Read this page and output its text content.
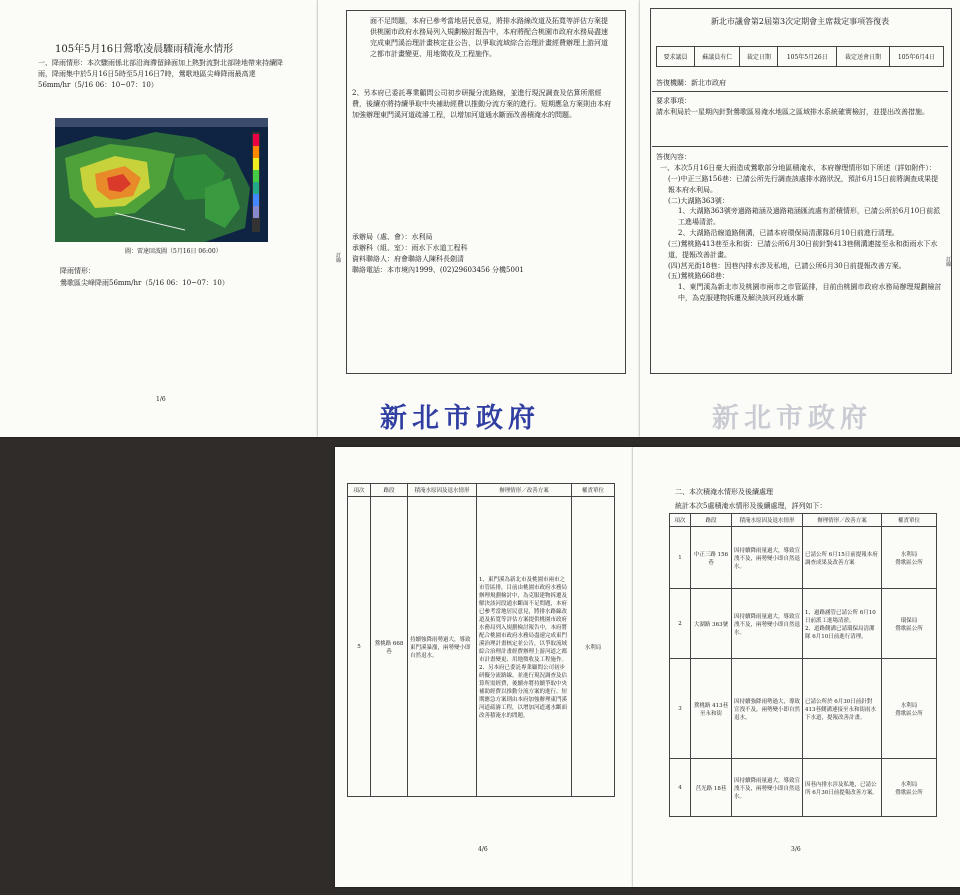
105年5月16日鶯歌凌晨驟雨積淹水情形
一、降雨情形：本次驟雨係北部沿海滯留鋒面加上熱對流對北部陸地帶來持續降雨，降雨集中於5月16日5時至5月16日7時，鶯歌地區尖峰降雨最高達56mm/hr（5/16 06：10~07：10）
圖：雷達回波圖（5月16日 06:00）
降雨情形：
鶯歌區尖峰降雨56mm/hr（5/16 06：10~07：10）
1/6
面不足問題，本府已參考當地居民意見，將排水路線改道及拓寬等評估方案提供桃園市政府水務局列入規劃檢討報告中，本府將配合桃園市政府水務局盡速完成東門溪治理計畫核定並公告，以爭取流域綜合治理計畫經費辦理上游河道之都市計畫變更、用地徵收及工程施作。
2、另本府已委託專業顧問公司初步研擬分流路線，並進行現況調查及估算所需經費，後續亦將持續爭取中央補助經費以推動分流方案的進行。短期應急方案則由本府加強辦理東門溪河道疏濬工程，以增加河道通水斷面改善積淹水的問題。
承辦局（處、會）：水利局
承辦科（組、室）：雨水下水道工程科
資料聯絡人：府會聯絡人陳科長劍清
聯絡電話：本市境內1999、(02)29603456 分機5001
訂線
新北市政府
新北市議會第2屆第3次定期會主席裁定事項答復表
要求議員	蘇議員有仁	裁定日期	105年5月26日	裁定送會日期	105年6月4日
答復機關：新北市政府
要求事項：
請水利局於一星期內針對鶯歌區易淹水地區之區域排水系統確實檢討，並提出改善措施。
答復內容：
一、本次5月16日豪大雨造成鶯歌部分地區積淹水，本府辦理情形如下所述（詳如附件）：
(一)中正三路156巷：已請公所先行調查該處排水路狀況，預計6月15日前將調查成果提報本府水利局。
(二)大湖路363號：
1、大湖路363號旁過路箱涵及過路箱涵匯流處有淤積情形，已請公所於6月10日前派工進場清淤。
2、大湖路沿線道路側溝，已請本府環保局清潔隊6月10日前進行清理。
(三)鶯桃路413巷至永和街：已請公所6月30日前針對413巷側溝連接至永和街雨水下水道，提報改善計畫。
(四)莒光街18巷：因巷內排水涉及私地，已請公所6月30日前提報改善方案。
(五)鶯桃路668巷：
1、東門溪為新北市及桃園市兩市之市管區排，目前由桃園市政府水務局辦理規劃檢討中，為克服建物拆遷及解決該河段通水斷
訂線
新北市政府
項次	路段	積淹水原因及退水情形	辦理情形／改善方案	權責單位
5	鶯桃路 668巷	持續強降雨勢過大，導致東門溪暴漲，兩勢變小即自然退水。	1、東門溪為新北市及桃園市兩市之市管區排，目前由桃園市政府水務局辦理規劃檢討中，為克服建物拆遷及解決該河段通水斷面不足問題，本府已參考當地居民意見，將排水路線改道及拓寬等評估方案提供桃園市政府水務局列入規劃檢討報告中，本府將配合桃園市政府水務局盡速完成東門溪治理計畫核定並公告，以爭取流域綜合治理計畫經費辦理上游河道之都市計畫變更、用地徵收及工程施作。
2、另本府已委託專業顧問公司初步研擬分流路線，並進行現況調查及估算所需經費，後續亦將持續爭取中央補助經費以推動分流方案的進行。短期應急方案則由本府加強辦理東門溪河道疏濬工程，以增加河道通水斷面改善積淹水的問題。	水利局
4/6
二、本次積淹水情形及後續處理
統計本次5處積淹水情形及後續處理，詳列如下：
項次	路段	積淹水原因及退水情形	辦理情形／改善方案	權責單位
1	中正三路 156巷	因持續降雨量過大，導致宣洩不及，兩勢變小即自然退水。	已請公所 6月15日前提報本府調查成果及改善方案	水利局
鶯歌區公所
2	大湖路 363號	因持續降雨量過大，導致宣洩不及，兩勢變小即自然退水。	1、過路涵管已請公所 6月10日前派工進場清淤。
2、道路側溝已請環保局清潔隊 6月10日前進行清理。	環保局
鶯歌區公所
3	鶯桃路 413巷至永和街	因持續強降雨勢過大，導致宣洩不及，兩勢變小即自然退水。	已請公所於 6月30日前針對 413巷側溝連接至永和街雨水下水道，提報改善計畫。	水利局
鶯歌區公所
4	莒光路 18巷	因持續降雨量過大，導致宣洩不及，兩勢變小即自然退水。	因巷內排水涉及私地，已請公所 6月30日前提報改善方案。	水利局
鶯歌區公所
3/6
